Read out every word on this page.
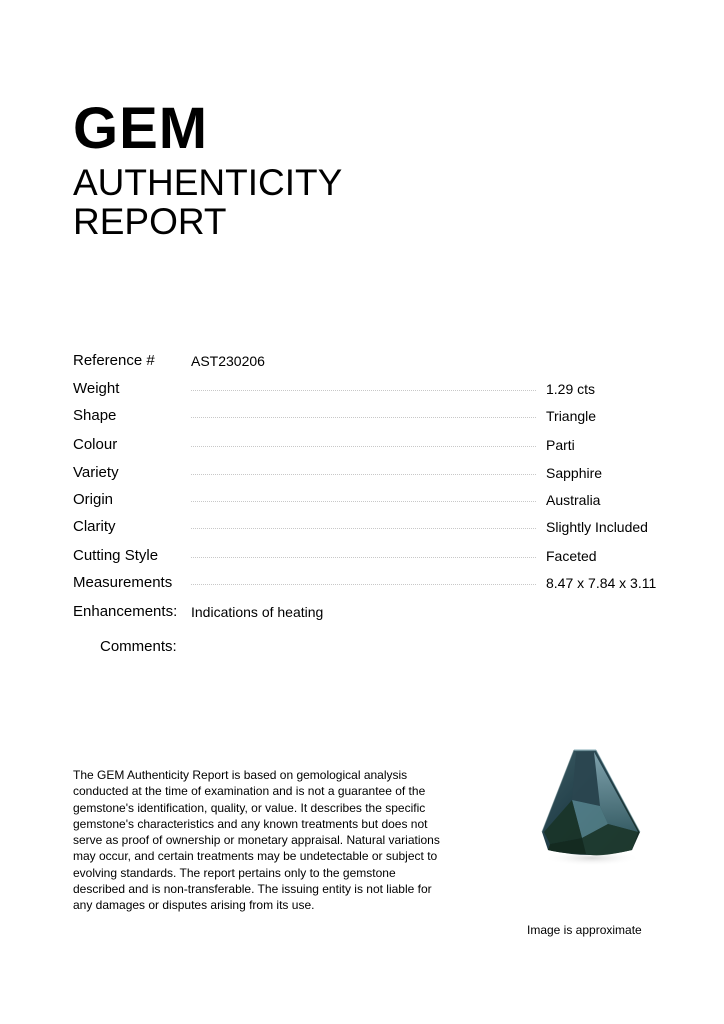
GEM
AUTHENTICITY
REPORT
Reference #	AST230206
Weight	1.29 cts
Shape	Triangle
Colour	Parti
Variety	Sapphire
Origin	Australia
Clarity	Slightly Included
Cutting Style	Faceted
Measurements	8.47 x 7.84 x 3.11
Enhancements: Indications of heating
Comments:
The GEM Authenticity Report is based on gemological analysis conducted at the time of examination and is not a guarantee of the gemstone's identification, quality, or value. It describes the specific gemstone's characteristics and any known treatments but does not serve as proof of ownership or monetary appraisal. Natural variations may occur, and certain treatments may be undetectable or subject to evolving standards. The report pertains only to the gemstone described and is non-transferable. The issuing entity is not liable for any damages or disputes arising from its use.
Image is approximate
